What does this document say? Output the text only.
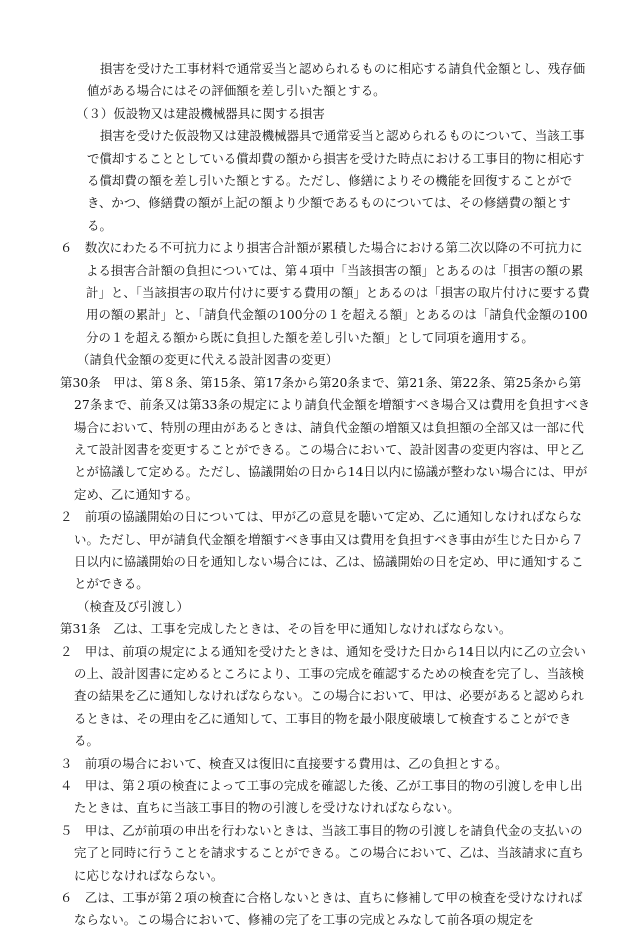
損害を受けた工事材料で通常妥当と認められるものに相応する請負代金額とし、残存価値がある場合にはその評価額を差し引いた額とする。

（３）仮設物又は建設機械器具に関する損害

損害を受けた仮設物又は建設機械器具で通常妥当と認められるものについて、当該工事で償却することとしている償却費の額から損害を受けた時点における工事目的物に相応する償却費の額を差し引いた額とする。ただし、修繕によりその機能を回復することができ、かつ、修繕費の額が上記の額より少額であるものについては、その修繕費の額とする。

６　数次にわたる不可抗力により損害合計額が累積した場合における第二次以降の不可抗力による損害合計額の負担については、第４項中「当該損害の額」とあるのは「損害の額の累計」と、「当該損害の取片付けに要する費用の額」とあるのは「損害の取片付けに要する費用の額の累計」と、「請負代金額の100分の１を超える額」とあるのは「請負代金額の100分の１を超える額から既に負担した額を差し引いた額」として同項を適用する。

（請負代金額の変更に代える設計図書の変更）

第30条　甲は、第８条、第15条、第17条から第20条まで、第21条、第22条、第25条から第27条まで、前条又は第33条の規定により請負代金額を増額すべき場合又は費用を負担すべき場合において、特別の理由があるときは、請負代金額の増額又は負担額の全部又は一部に代えて設計図書を変更することができる。この場合において、設計図書の変更内容は、甲と乙とが協議して定める。ただし、協議開始の日から14日以内に協議が整わない場合には、甲が定め、乙に通知する。

２　前項の協議開始の日については、甲が乙の意見を聴いて定め、乙に通知しなければならない。ただし、甲が請負代金額を増額すべき事由又は費用を負担すべき事由が生じた日から７日以内に協議開始の日を通知しない場合には、乙は、協議開始の日を定め、甲に通知することができる。

（検査及び引渡し）

第31条　乙は、工事を完成したときは、その旨を甲に通知しなければならない。

２　甲は、前項の規定による通知を受けたときは、通知を受けた日から14日以内に乙の立会いの上、設計図書に定めるところにより、工事の完成を確認するための検査を完了し、当該検査の結果を乙に通知しなければならない。この場合において、甲は、必要があると認められるときは、その理由を乙に通知して、工事目的物を最小限度破壊して検査することができる。

３　前項の場合において、検査又は復旧に直接要する費用は、乙の負担とする。

４　甲は、第２項の検査によって工事の完成を確認した後、乙が工事目的物の引渡しを申し出たときは、直ちに当該工事目的物の引渡しを受けなければならない。

５　甲は、乙が前項の申出を行わないときは、当該工事目的物の引渡しを請負代金の支払いの完了と同時に行うことを請求することができる。この場合において、乙は、当該請求に直ちに応じなければならない。

６　乙は、工事が第２項の検査に合格しないときは、直ちに修補して甲の検査を受けなければならない。この場合において、修補の完了を工事の完成とみなして前各項の規定を
